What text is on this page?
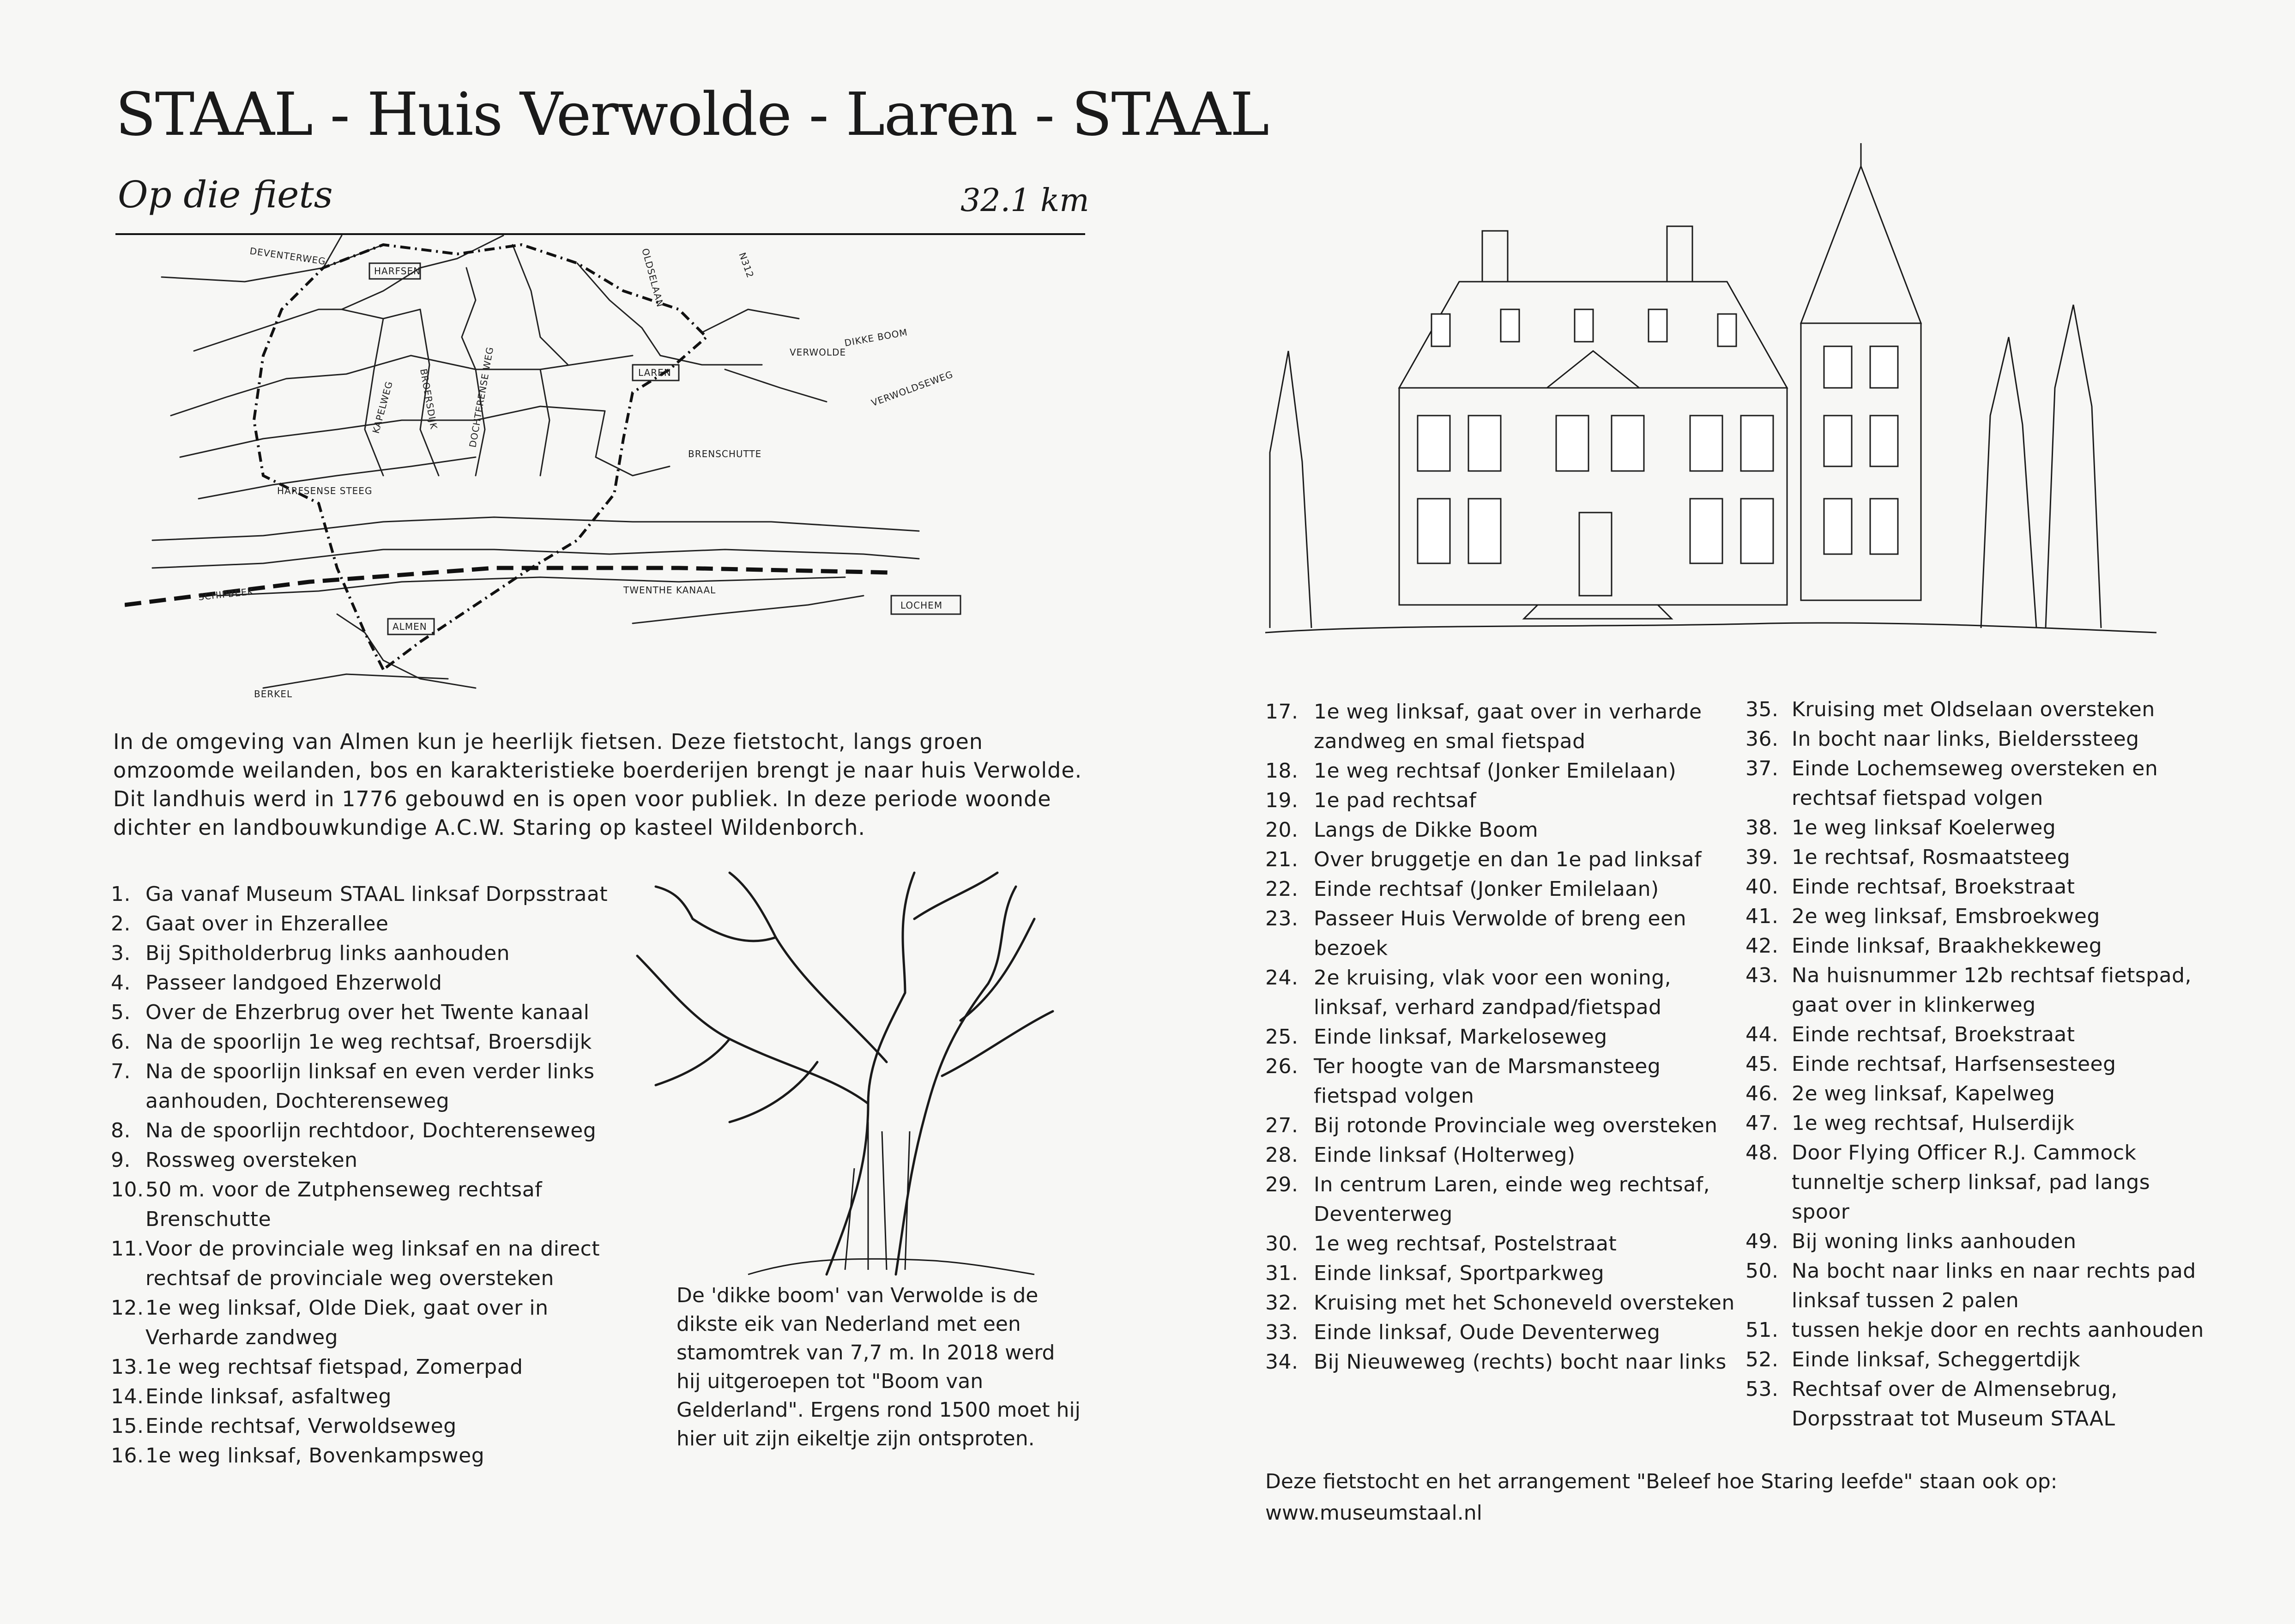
STAAL - Huis Verwolde - Laren - STAAL
Op die fiets	32.1 km
DEVENTERWEG
HARFSEN	OLDSELAAN	N312
DIKKE BOOM
VERWOLDE
VERWOLDSEWEG
LAREN
BRENSCHUTTE
BROERSDIJK
HARFSENSE STEEG
KAPELWEG	DOCHTERENSE WEG
SCHIPBEEK	TWENTHE KANAAL
LOCHEM
ALMEN
BERKEL
In de omgeving van Almen kun je heerlijk fietsen. Deze fietstocht, langs groen omzoomde weilanden, bos en karakteristieke boerderijen brengt je naar huis Verwolde. Dit landhuis werd in 1776 gebouwd en is open voor publiek. In deze periode woonde dichter en landbouwkundige A.C.W. Staring op kasteel Wildenborch.
1. Ga vanaf Museum STAAL linksaf Dorpsstraat
2. Gaat over in Ehzerallee
3. Bij Spitholderbrug links aanhouden
4. Passeer landgoed Ehzerwold
5. Over de Ehzerbrug over het Twente kanaal
6. Na de spoorlijn 1e weg rechtsaf, Broersdijk
7. Na de spoorlijn linksaf en even verder links aanhouden, Dochterenseweg
8. Na de spoorlijn rechtdoor, Dochterenseweg
9. Rossweg oversteken
10. 50 m. voor de Zutphenseweg rechtsaf Brenschutte
11. Voor de provinciale weg linksaf en na direct rechtsaf de provinciale weg oversteken
12. 1e weg linksaf, Olde Diek, gaat over in Verharde zandweg
13. 1e weg rechtsaf fietspad, Zomerpad
14. Einde linksaf, asfaltweg
15. Einde rechtsaf, Verwoldseweg
16. 1e weg linksaf, Bovenkampsweg
De 'dikke boom' van Verwolde is de dikste eik van Nederland met een stamomtrek van 7,7 m. In 2018 werd hij uitgeroepen tot "Boom van Gelderland". Ergens rond 1500 moet hij hier uit zijn eikeltje zijn ontsproten.
17. 1e weg linksaf, gaat over in verharde zandweg en smal fietspad
18. 1e weg rechtsaf (Jonker Emilelaan)
19. 1e pad rechtsaf
20. Langs de Dikke Boom
21. Over bruggetje en dan 1e pad linksaf
22. Einde rechtsaf (Jonker Emilelaan)
23. Passeer Huis Verwolde of breng een bezoek
24. 2e kruising, vlak voor een woning, linksaf, verhard zandpad/fietspad
25. Einde linksaf, Markeloseweg
26. Ter hoogte van de Marsmansteeg fietspad volgen
27. Bij rotonde Provinciale weg oversteken
28. Einde linksaf (Holterweg)
29. In centrum Laren, einde weg rechtsaf, Deventerweg
30. 1e weg rechtsaf, Postelstraat
31. Einde linksaf, Sportparkweg
32. Kruising met het Schoneveld oversteken
33. Einde linksaf, Oude Deventerweg
34. Bij Nieuweweg (rechts) bocht naar links
35. Kruising met Oldselaan oversteken
36. In bocht naar links, Bielderssteeg
37. Einde Lochemseweg oversteken en rechtsaf fietspad volgen
38. 1e weg linksaf Koelerweg
39. 1e rechtsaf, Rosmaatsteeg
40. Einde rechtsaf, Broekstraat
41. 2e weg linksaf, Emsbroekweg
42. Einde linksaf, Braakhekkeweg
43. Na huisnummer 12b rechtsaf fietspad, gaat over in klinkerweg
44. Einde rechtsaf, Broekstraat
45. Einde rechtsaf, Harfsensesteeg
46. 2e weg linksaf, Kapelweg
47. 1e weg rechtsaf, Hulserdijk
48. Door Flying Officer R.J. Cammock tunneltje scherp linksaf, pad langs spoor
49. Bij woning links aanhouden
50. Na bocht naar links en naar rechts pad linksaf tussen 2 palen
51. tussen hekje door en rechts aanhouden
52. Einde linksaf, Scheggertdijk
53. Rechtsaf over de Almensebrug, Dorpsstraat tot Museum STAAL
Deze fietstocht en het arrangement "Beleef hoe Staring leefde" staan ook op:
www.museumstaal.nl
